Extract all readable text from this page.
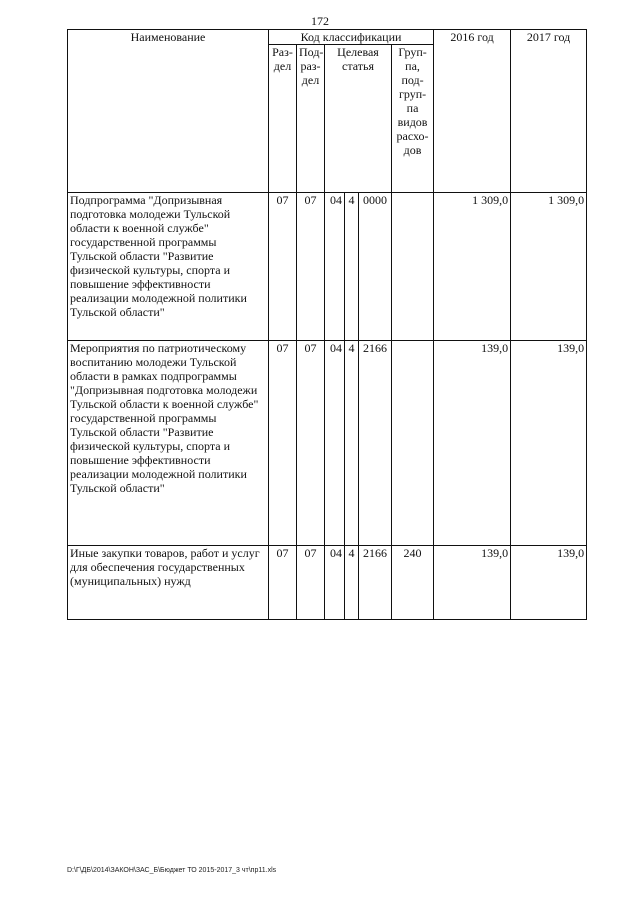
172
Наименование	Код классификации						2016 год	2017 год
	Раз- дел	Под- раз- дел	Целевая статья			Груп- па, под- груп- па видов расхо- дов		
Подпрограмма "Допризывная подготовка молодежи Тульской области к военной службе" государственной программы Тульской области "Развитие физической культуры, спорта и повышение эффективности реализации молодежной политики Тульской области"	07	07	04	4	0000		1 309,0	1 309,0
Мероприятия по патриотическому воспитанию молодежи Тульской области в рамках подпрограммы "Допризывная подготовка молодежи Тульской области к военной службе" государственной программы Тульской области "Развитие физической культуры, спорта и повышение эффективности реализации молодежной политики Тульской области"	07	07	04	4	2166		139,0	139,0
Иные закупки товаров, работ и услуг для обеспечения государственных (муниципальных) нужд	07	07	04	4	2166	240	139,0	139,0
D:\Г\ДБ\2014\ЗАКОН\ЗАС_Б\Бюджет ТО 2015-2017_3 чт\пр11.xls
